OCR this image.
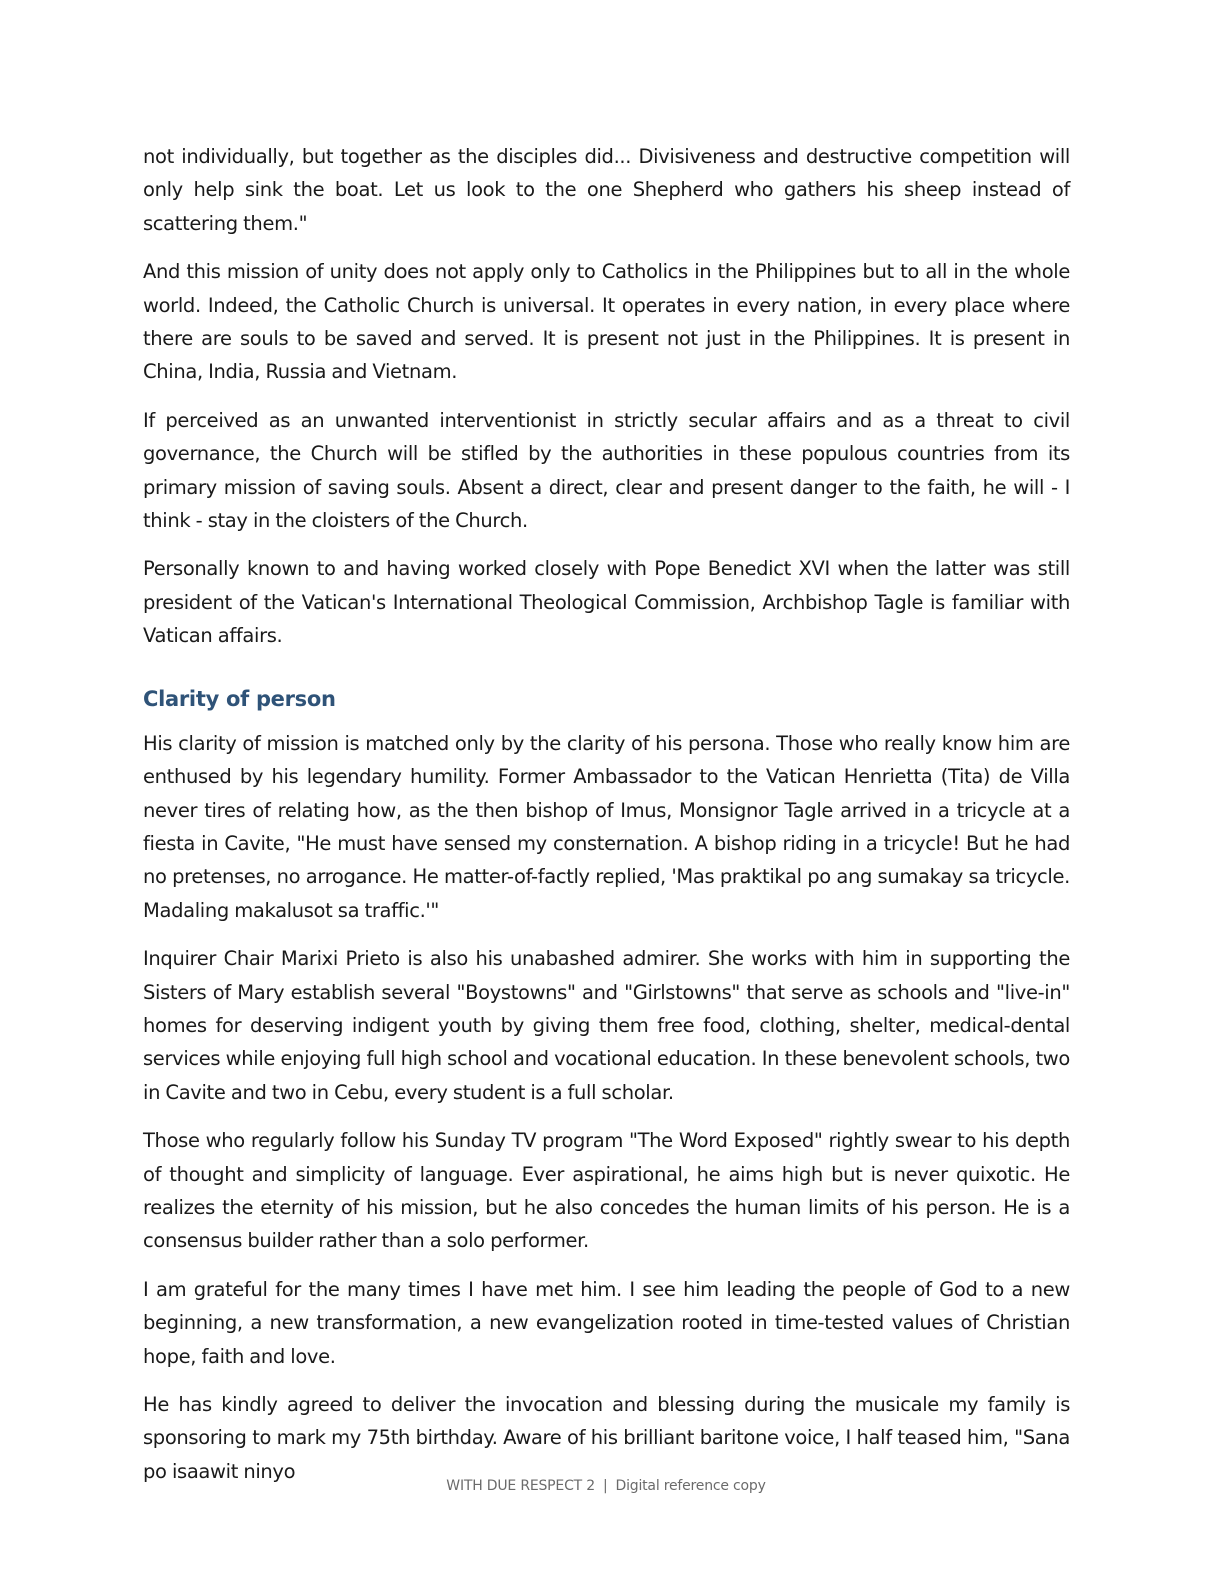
not individually, but together as the disciples did... Divisiveness and destructive competition will only help sink the boat. Let us look to the one Shepherd who gathers his sheep instead of scattering them."

And this mission of unity does not apply only to Catholics in the Philippines but to all in the whole world. Indeed, the Catholic Church is universal. It operates in every nation, in every place where there are souls to be saved and served. It is present not just in the Philippines. It is present in China, India, Russia and Vietnam.

If perceived as an unwanted interventionist in strictly secular affairs and as a threat to civil governance, the Church will be stifled by the authorities in these populous countries from its primary mission of saving souls. Absent a direct, clear and present danger to the faith, he will - I think - stay in the cloisters of the Church.

Personally known to and having worked closely with Pope Benedict XVI when the latter was still president of the Vatican's International Theological Commission, Archbishop Tagle is familiar with Vatican affairs.

Clarity of person

His clarity of mission is matched only by the clarity of his persona. Those who really know him are enthused by his legendary humility. Former Ambassador to the Vatican Henrietta (Tita) de Villa never tires of relating how, as the then bishop of Imus, Monsignor Tagle arrived in a tricycle at a fiesta in Cavite, "He must have sensed my consternation. A bishop riding in a tricycle! But he had no pretenses, no arrogance. He matter-of-factly replied, 'Mas praktikal po ang sumakay sa tricycle. Madaling makalusot sa traffic.'"

Inquirer Chair Marixi Prieto is also his unabashed admirer. She works with him in supporting the Sisters of Mary establish several "Boystowns" and "Girlstowns" that serve as schools and "live-in" homes for deserving indigent youth by giving them free food, clothing, shelter, medical-dental services while enjoying full high school and vocational education. In these benevolent schools, two in Cavite and two in Cebu, every student is a full scholar.

Those who regularly follow his Sunday TV program "The Word Exposed" rightly swear to his depth of thought and simplicity of language. Ever aspirational, he aims high but is never quixotic. He realizes the eternity of his mission, but he also concedes the human limits of his person. He is a consensus builder rather than a solo performer.

I am grateful for the many times I have met him. I see him leading the people of God to a new beginning, a new transformation, a new evangelization rooted in time-tested values of Christian hope, faith and love.

He has kindly agreed to deliver the invocation and blessing during the musicale my family is sponsoring to mark my 75th birthday. Aware of his brilliant baritone voice, I half teased him, "Sana po isaawit ninyo

WITH DUE RESPECT 2 | Digital reference copy
